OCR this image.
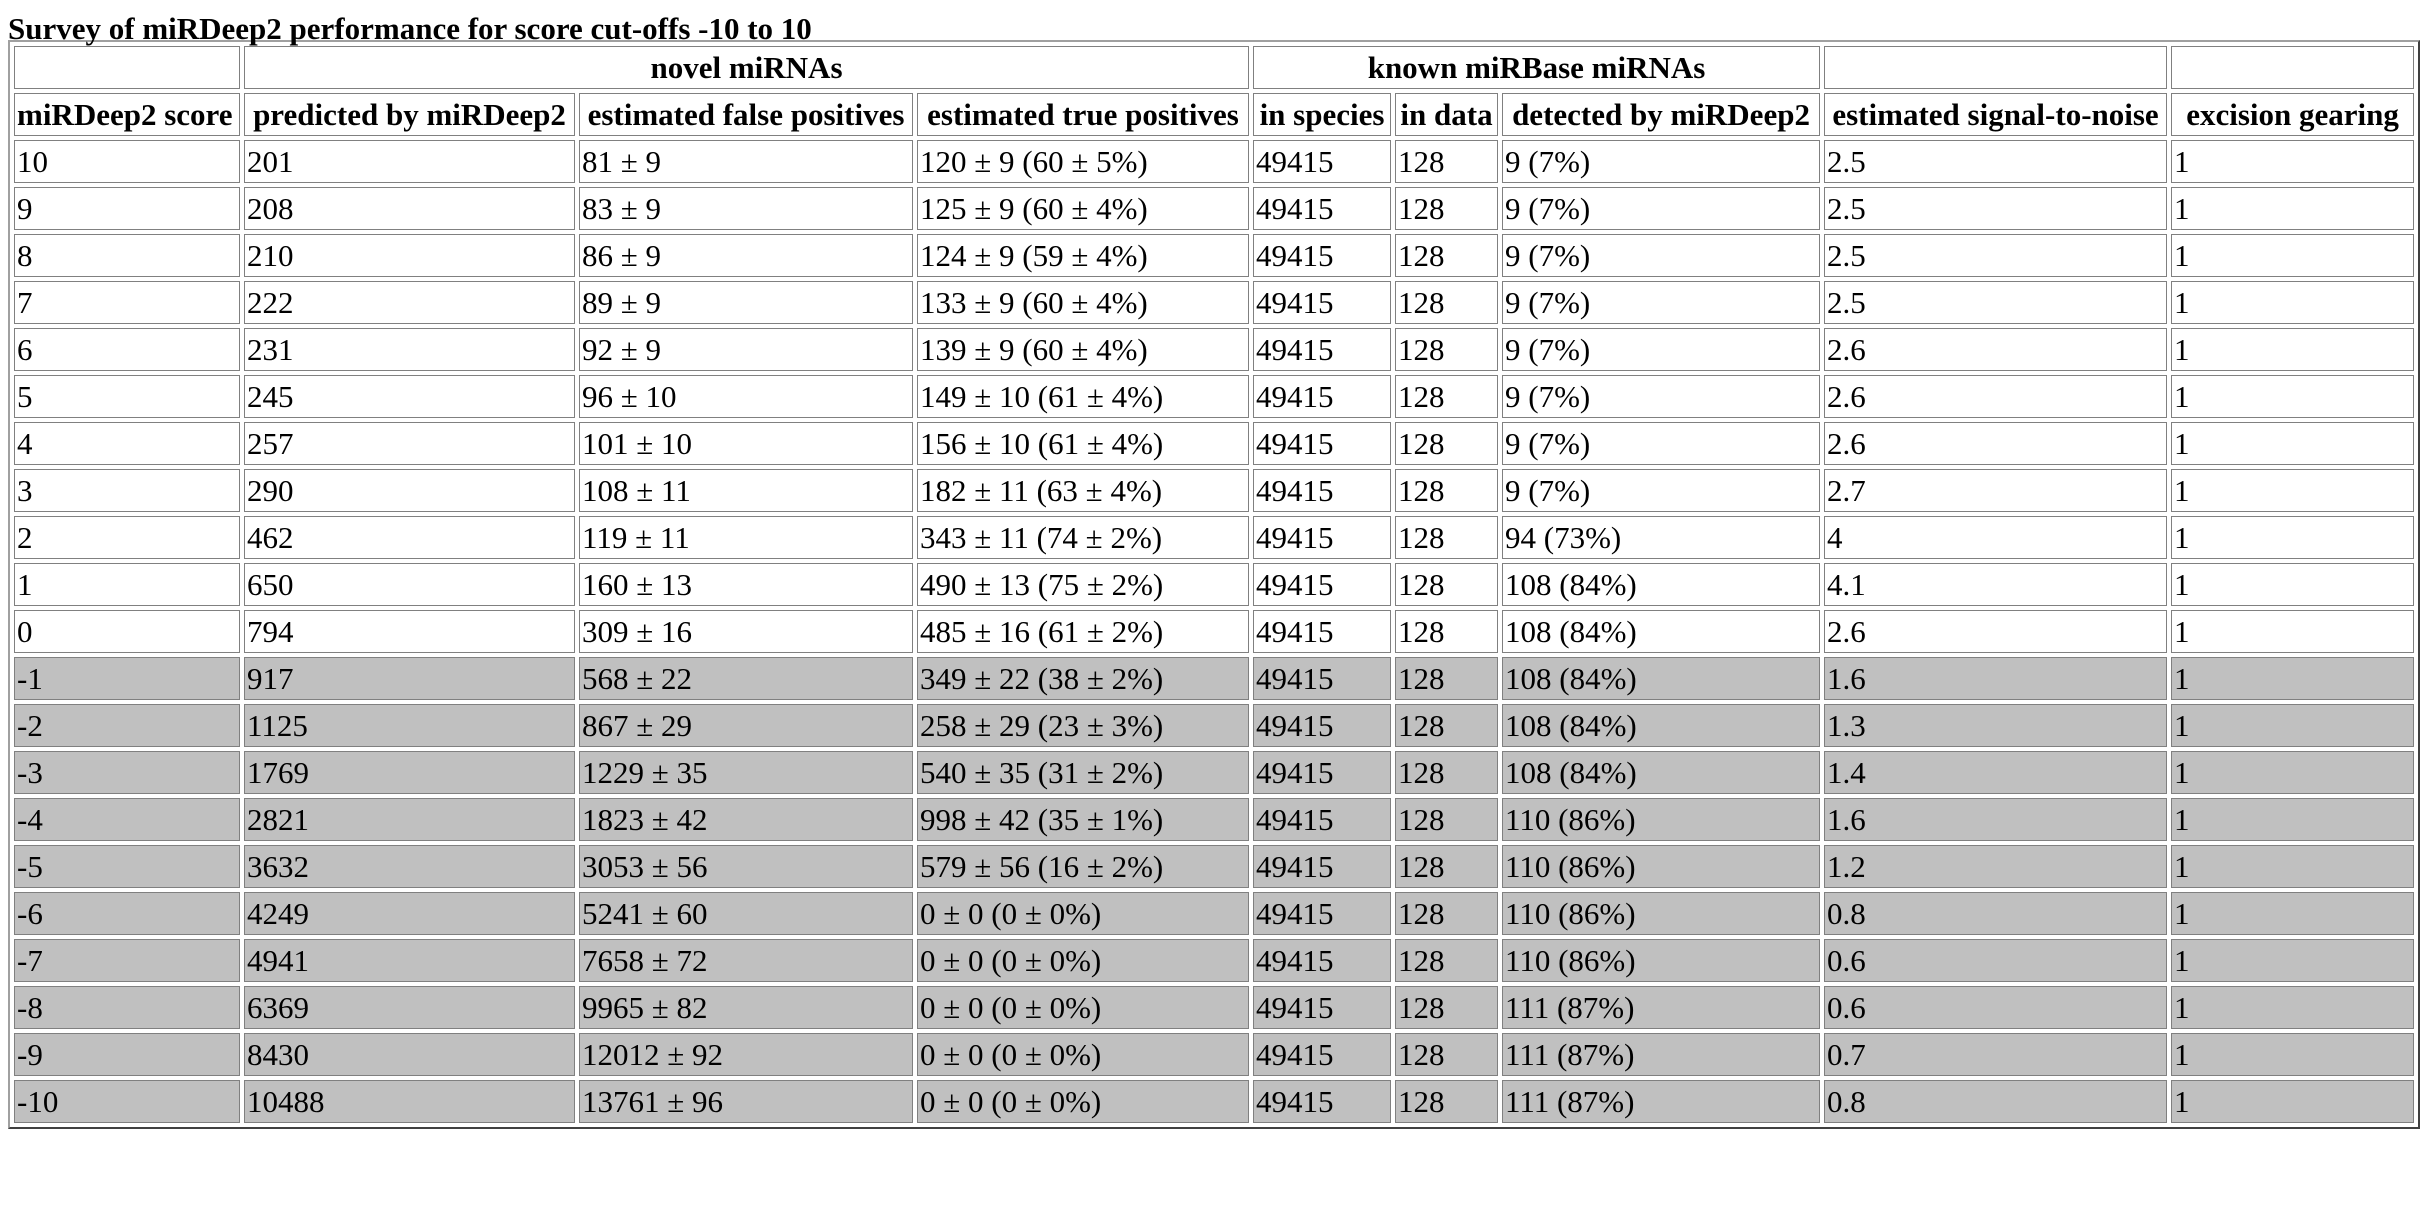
Survey of miRDeep2 performance for score cut-offs -10 to 10
	novel miRNAs			known miRBase miRNAs				
miRDeep2 score	predicted by miRDeep2	estimated false positives	estimated true positives	in species	in data	detected by miRDeep2	estimated signal-to-noise	excision gearing
10	201	81 ± 9	120 ± 9 (60 ± 5%)	49415	128	9 (7%)	2.5	1
9	208	83 ± 9	125 ± 9 (60 ± 4%)	49415	128	9 (7%)	2.5	1
8	210	86 ± 9	124 ± 9 (59 ± 4%)	49415	128	9 (7%)	2.5	1
7	222	89 ± 9	133 ± 9 (60 ± 4%)	49415	128	9 (7%)	2.5	1
6	231	92 ± 9	139 ± 9 (60 ± 4%)	49415	128	9 (7%)	2.6	1
5	245	96 ± 10	149 ± 10 (61 ± 4%)	49415	128	9 (7%)	2.6	1
4	257	101 ± 10	156 ± 10 (61 ± 4%)	49415	128	9 (7%)	2.6	1
3	290	108 ± 11	182 ± 11 (63 ± 4%)	49415	128	9 (7%)	2.7	1
2	462	119 ± 11	343 ± 11 (74 ± 2%)	49415	128	94 (73%)	4	1
1	650	160 ± 13	490 ± 13 (75 ± 2%)	49415	128	108 (84%)	4.1	1
0	794	309 ± 16	485 ± 16 (61 ± 2%)	49415	128	108 (84%)	2.6	1
-1	917	568 ± 22	349 ± 22 (38 ± 2%)	49415	128	108 (84%)	1.6	1
-2	1125	867 ± 29	258 ± 29 (23 ± 3%)	49415	128	108 (84%)	1.3	1
-3	1769	1229 ± 35	540 ± 35 (31 ± 2%)	49415	128	108 (84%)	1.4	1
-4	2821	1823 ± 42	998 ± 42 (35 ± 1%)	49415	128	110 (86%)	1.6	1
-5	3632	3053 ± 56	579 ± 56 (16 ± 2%)	49415	128	110 (86%)	1.2	1
-6	4249	5241 ± 60	0 ± 0 (0 ± 0%)	49415	128	110 (86%)	0.8	1
-7	4941	7658 ± 72	0 ± 0 (0 ± 0%)	49415	128	110 (86%)	0.6	1
-8	6369	9965 ± 82	0 ± 0 (0 ± 0%)	49415	128	111 (87%)	0.6	1
-9	8430	12012 ± 92	0 ± 0 (0 ± 0%)	49415	128	111 (87%)	0.7	1
-10	10488	13761 ± 96	0 ± 0 (0 ± 0%)	49415	128	111 (87%)	0.8	1
